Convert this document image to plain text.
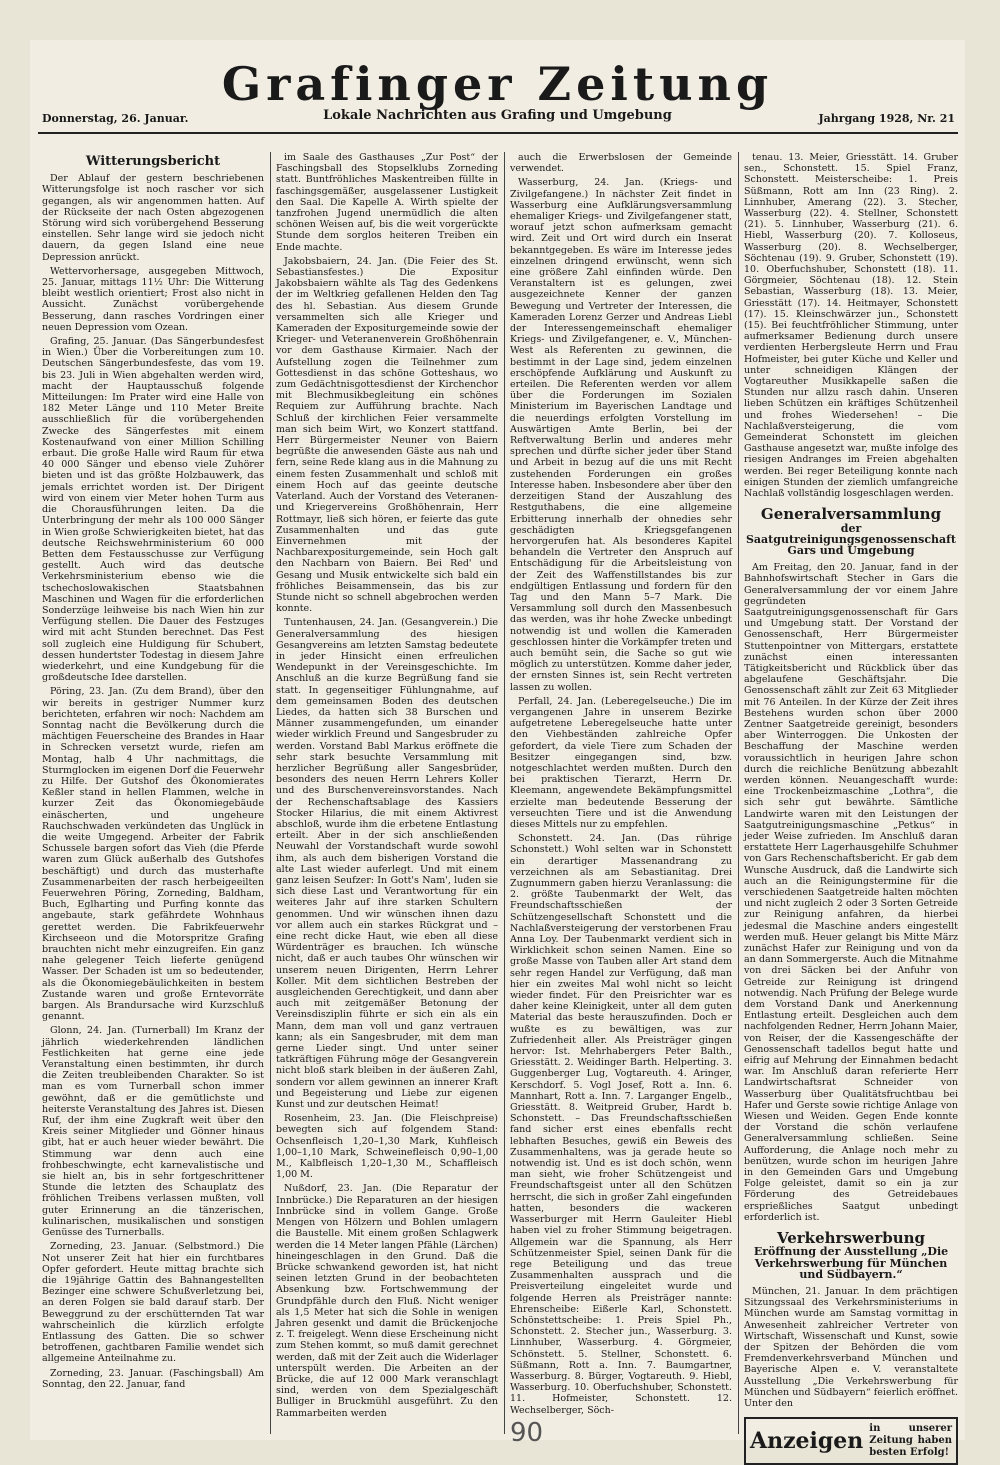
Grafinger Zeitung
Donnerstag, 26. Januar.	Lokale Nachrichten aus Grafing und Umgebung	Jahrgang 1928, Nr. 21
Witterungsbericht

Der Ablauf der gestern beschriebenen Witterungsfolge ist noch rascher vor sich gegangen, als wir angenommen hatten. Auf der Rückseite der nach Osten abgezogenen Störung wird sich vorübergehend Besserung einstellen. Sehr lange wird sie jedoch nicht dauern, da gegen Island eine neue Depression anrückt.

Wettervorhersage, ausgegeben Mittwoch, 25. Januar, mittags 11½ Uhr: Die Witterung bleibt westlich orientiert; Frost also nicht in Aussicht. Zunächst vorübergehende Besserung, dann rasches Vordringen einer neuen Depression vom Ozean.

Grafing, 25. Januar. (Das Sängerbundesfest in Wien.) Über die Vorbereitungen zum 10. Deutschen Sängerbundesfeste, das vom 19. bis 23. Juli in Wien abgehalten werden wird, macht der Hauptausschuß folgende Mitteilungen: Im Prater wird eine Halle von 182 Meter Länge und 110 Meter Breite ausschließlich für die vorübergehenden Zwecke des Sängerfestes mit einem Kostenaufwand von einer Million Schilling erbaut. Die große Halle wird Raum für etwa 40 000 Sänger und ebenso viele Zuhörer bieten und ist das größte Holzbauwerk, das jemals errichtet worden ist. Der Dirigent wird von einem vier Meter hohen Turm aus die Chorausführungen leiten. Da die Unterbringung der mehr als 100 000 Sänger in Wien große Schwierigkeiten bietet, hat das deutsche Reichswehrministerium 60 000 Betten dem Festausschusse zur Verfügung gestellt. Auch wird das deutsche Verkehrsministerium ebenso wie die tschechoslowakischen Staatsbahnen Maschinen und Wagen für die erforderlichen Sonderzüge leihweise bis nach Wien hin zur Verfügung stellen. Die Dauer des Festzuges wird mit acht Stunden berechnet. Das Fest soll zugleich eine Huldigung für Schubert, dessen hundertster Todestag in diesem Jahre wiederkehrt, und eine Kundgebung für die großdeutsche Idee darstellen.

Pöring, 23. Jan. (Zu dem Brand), über den wir bereits in gestriger Nummer kurz berichteten, erfahren wir noch: Nachdem am Sonntag nacht die Bevölkerung durch die mächtigen Feuerscheine des Brandes in Haar in Schrecken versetzt wurde, riefen am Montag, halb 4 Uhr nachmittags, die Sturmglocken im eigenen Dorf die Feuerwehr zu Hilfe. Der Gutshof des Ökonomierates Keßler stand in hellen Flammen, welche in kurzer Zeit das Ökonomiegebäude einäscherten, und ungeheure Rauchschwaden verkündeten das Unglück in die weite Umgegend. Arbeiter der Fabrik Schussele bargen sofort das Vieh (die Pferde waren zum Glück außerhalb des Gutshofes beschäftigt) und durch das musterhafte Zusammenarbeiten der rasch herbeigeeilten Feuerwehren Pöring, Zorneding, Baldham, Buch, Eglharting und Purfing konnte das angebaute, stark gefährdete Wohnhaus gerettet werden. Die Fabrikfeuerwehr Kirchseeon und die Motorspritze Grafing brauchten nicht mehr einzugreifen. Ein ganz nahe gelegener Teich lieferte genügend Wasser. Der Schaden ist um so bedeutender, als die Ökonomiegebäulichkeiten in bestem Zustande waren und große Erntevorräte bargen. Als Brandursache wird Kurzschluß genannt.

Glonn, 24. Jan. (Turnerball) Im Kranz der jährlich wiederkehrenden ländlichen Festlichkeiten hat gerne eine jede Veranstaltung einen bestimmten, ihr durch die Zeiten treubleibenden Charakter. So ist man es vom Turnerball schon immer gewöhnt, daß er die gemütlichste und heiterste Veranstaltung des Jahres ist. Diesen Ruf, der ihm eine Zugkraft weit über den Kreis seiner Mitglieder und Gönner hinaus gibt, hat er auch heuer wieder bewährt. Die Stimmung war denn auch eine frohbeschwingte, echt karnevalistische und sie hielt an, bis in sehr fortgeschrittener Stunde die letzten des Schauplatz des fröhlichen Treibens verlassen mußten, voll guter Erinnerung an die tänzerischen, kulinarischen, musikalischen und sonstigen Genüsse des Turnerballs.

Zorneding, 23. Januar. (Selbstmord.) Die Not unserer Zeit hat hier ein furchtbares Opfer gefordert. Heute mittag brachte sich die 19jährige Gattin des Bahnangestellten Bezinger eine schwere Schußverletzung bei, an deren Folgen sie bald darauf starb. Der Beweggrund zu der erschütternden Tat war wahrscheinlich die kürzlich erfolgte Entlassung des Gatten. Die so schwer betroffenen, gachtbaren Familie wendet sich allgemeine Anteilnahme zu.

Zorneding, 23. Januar. (Faschingsball) Am Sonntag, den 22. Januar, fand

im Saale des Gasthauses „Zur Post“ der Faschingsball des Stopselklubs Zorneding statt. Buntfröhliches Maskentreiben füllte in faschingsgemäßer, ausgelassener Lustigkeit den Saal. Die Kapelle A. Wirth spielte der tanzfrohen Jugend unermüdlich die alten schönen Weisen auf, bis die weit vorgerückte Stunde dem sorglos heiteren Treiben ein Ende machte.

Jakobsbaiern, 24. Jan. (Die Feier des St. Sebastiansfestes.) Die Expositur Jakobsbaiern wählte als Tag des Gedenkens der im Weltkrieg gefallenen Helden den Tag des hl. Sebastian. Aus diesem Grunde versammelten sich alle Krieger und Kameraden der Expositurgemeinde sowie der Krieger- und Veteranenverein Großhöhenrain vor dem Gasthause Kirmaier. Nach der Aufstellung zogen die Teilnehmer zum Gottesdienst in das schöne Gotteshaus, wo zum Gedächtnisgottesdienst der Kirchenchor mit Blechmusikbegleitung ein schönes Requiem zur Aufführung brachte. Nach Schluß der kirchlichen Feier versammelte man sich beim Wirt, wo Konzert stattfand. Herr Bürgermeister Neuner von Baiern begrüßte die anwesenden Gäste aus nah und fern, seine Rede klang aus in die Mahnung zu einem festen Zusammenhalt und schloß mit einem Hoch auf das geeinte deutsche Vaterland. Auch der Vorstand des Veteranen- und Kriegervereins Großhöhenrain, Herr Rottmayr, ließ sich hören, er feierte das gute Zusammenhalten und das gute Einvernehmen mit der Nachbarexpositurgemeinde, sein Hoch galt den Nachbarn von Baiern. Bei Red' und Gesang und Musik entwickelte sich bald ein fröhliches Beisammensein, das bis zur Stunde nicht so schnell abgebrochen werden konnte.

Tuntenhausen, 24. Jan. (Gesangverein.) Die Generalversammlung des hiesigen Gesangvereins am letzten Samstag bedeutete in jeder Hinsicht einen erfreulichen Wendepunkt in der Vereinsgeschichte. Im Anschluß an die kurze Begrüßung fand sie statt. In gegenseitiger Fühlungnahme, auf dem gemeinsamen Boden des deutschen Liedes, da hatten sich 38 Burschen und Männer zusammengefunden, um einander wieder wirklich Freund und Sangesbruder zu werden. Vorstand Babl Markus eröffnete die sehr stark besuchte Versammlung mit herzlicher Begrüßung aller Sangesbrüder, besonders des neuen Herrn Lehrers Koller und des Burschenvereinsvorstandes. Nach der Rechenschaftsablage des Kassiers Stocker Hilarius, die mit einem Aktivrest abschloß, wurde ihm die erbetene Entlastung erteilt. Aber in der sich anschließenden Neuwahl der Vorstandschaft wurde sowohl ihm, als auch dem bisherigen Vorstand die alte Last wieder auferlegt. Und mit einem ganz leisen Seufzer: In Gott's Nam', luden sie sich diese Last und Verantwortung für ein weiteres Jahr auf ihre starken Schultern genommen. Und wir wünschen ihnen dazu vor allem auch ein starkes Rückgrat und – eine recht dicke Haut, wie eben all diese Würdenträger es brauchen. Ich wünsche nicht, daß er auch taubes Ohr wünschen wir unserem neuen Dirigenten, Herrn Lehrer Koller. Mit dem sichtlichen Bestreben der ausgleichenden Gerechtigkeit, und dann aber auch mit zeitgemäßer Betonung der Vereinsdisziplin führte er sich ein als ein Mann, dem man voll und ganz vertrauen kann; als ein Sangesbruder, mit dem man gerne Lieder singt. Und unter seiner tatkräftigen Führung möge der Gesangverein nicht bloß stark bleiben in der äußeren Zahl, sondern vor allem gewinnen an innerer Kraft und Begeisterung und Liebe zur eigenen Kunst und zur deutschen Heimat!

Rosenheim, 23. Jan. (Die Fleischpreise) bewegten sich auf folgendem Stand: Ochsenfleisch 1,20–1,30 Mark, Kuhfleisch 1,00–1,10 Mark, Schweinefleisch 0,90–1,00 M., Kalbfleisch 1,20–1,30 M., Schaffleisch 1,00 M.

Nußdorf, 23. Jan. (Die Reparatur der Innbrücke.) Die Reparaturen an der hiesigen Innbrücke sind in vollem Gange. Große Mengen von Hölzern und Bohlen umlagern die Baustelle. Mit einem großen Schlagwerk werden die 14 Meter langen Pfähle (Lärchen) hineingeschlagen in den Grund. Daß die Brücke schwankend geworden ist, hat nicht seinen letzten Grund in der beobachteten Absenkung bzw. Fortschwemmung der Grundpfähle durch den Fluß. Nicht weniger als 1,5 Meter hat sich die Sohle in wenigen Jahren gesenkt und damit die Brückenjoche z. T. freigelegt. Wenn diese Erscheinung nicht zum Stehen kommt, so muß damit gerechnet werden, daß mit der Zeit auch die Widerlager unterspült werden. Die Arbeiten an der Brücke, die auf 12 000 Mark veranschlagt sind, werden von dem Spezialgeschäft Bulliger in Bruckmühl ausgeführt. Zu den Rammarbeiten werden

auch die Erwerbslosen der Gemeinde verwendet.

Wasserburg, 24. Jan. (Kriegs- und Zivilgefangene.) In nächster Zeit findet in Wasserburg eine Aufklärungsversammlung ehemaliger Kriegs- und Zivilgefangener statt, worauf jetzt schon aufmerksam gemacht wird. Zeit und Ort wird durch ein Inserat bekanntgegeben. Es wäre im Interesse jedes einzelnen dringend erwünscht, wenn sich eine größere Zahl einfinden würde. Den Veranstaltern ist es gelungen, zwei ausgezeichnete Kenner der ganzen Bewegung und Vertreter der Interessen, die Kameraden Lorenz Gerzer und Andreas Liebl der Interessengemeinschaft ehemaliger Kriegs- und Zivilgefangener, e. V., München-West als Referenten zu gewinnen, die bestimmt in der Lage sind, jedem einzelnen erschöpfende Aufklärung und Auskunft zu erteilen. Die Referenten werden vor allem über die Forderungen im Sozialen Ministerium im Bayerischen Landtage und die neuerdings erfolgten Vorstellung im Auswärtigen Amte Berlin, bei der Reftverwaltung Berlin und anderes mehr sprechen und dürfte sicher jeder über Stand und Arbeit in bezug auf die uns mit Recht zustehenden Forderungen ein großes Interesse haben. Insbesondere aber über den derzeitigen Stand der Auszahlung des Restguthabens, die eine allgemeine Erbitterung innerhalb der ohnedies sehr geschädigten Kriegsgefangenen hervorgerufen hat. Als besonderes Kapitel behandeln die Vertreter den Anspruch auf Entschädigung für die Arbeitsleistung von der Zeit des Waffenstillstandes bis zur endgültigen Entlassung und fordern für den Tag und den Mann 5–7 Mark. Die Versammlung soll durch den Massenbesuch das werden, was ihr hohe Zwecke unbedingt notwendig ist und wollen die Kameraden geschlossen hinter die Vorkämpfer treten und auch bemüht sein, die Sache so gut wie möglich zu unterstützen. Komme daher jeder, der ernsten Sinnes ist, sein Recht vertreten lassen zu wollen.

Perfall, 24. Jan. (Leberegelseuche.) Die im vergangenen Jahre in unserem Bezirke aufgetretene Leberegelseuche hatte unter den Viehbeständen zahlreiche Opfer gefordert, da viele Tiere zum Schaden der Besitzer eingegangen sind, bzw. notgeschlachtet werden mußten. Durch den bei praktischen Tierarzt, Herrn Dr. Kleemann, angewendete Bekämpfungsmittel erzielte man bedeutende Besserung der verseuchten Tiere und ist die Anwendung dieses Mittels nur zu empfehlen.

Schonstett. 24. Jan. (Das rührige Schonstett.) Wohl selten war in Schonstett ein derartiger Massenandrang zu verzeichnen als am Sebastianitag. Drei Zugnummern gaben hierzu Veranlassung: die 2. größte Taubenmarkt der Welt, das Freundschaftsschießen der Schützengesellschaft Schonstett und die Nachlaßversteigerung der verstorbenen Frau Anna Loy. Der Taubenmarkt verdient sich in Wirklichkeit schon seinen Namen. Eine so große Masse von Tauben aller Art stand dem sehr regen Handel zur Verfügung, daß man hier ein zweites Mal wohl nicht so leicht wieder findet. Für den Preisrichter war es daher keine Kleinigkeit, unter all dem guten Material das beste herauszufinden. Doch er wußte es zu bewältigen, was zur Zufriedenheit aller. Als Preisträger gingen hervor: Ist. Mehrhabergers Peter Balth., Griesstätt. 2. Weidinger Barth. Helperting. 3. Guggenberger Lug, Vogtareuth. 4. Aringer, Kerschdorf. 5. Vogl Josef, Rott a. Inn. 6. Mannhart, Rott a. Inn. 7. Larganger Engelb., Griesstätt. 8. Weitpreid Gruber, Hardt b. Schonstett. – Das Freundschaftsschießen fand sicher erst eines ebenfalls recht lebhaften Besuches, gewiß ein Beweis des Zusammenhaltens, was ja gerade heute so notwendig ist. Und es ist doch schön, wenn man sieht, wie froher Schützengeist und Freundschaftsgeist unter all den Schützen herrscht, die sich in großer Zahl eingefunden hatten, besonders die wackeren Wasserburger mit Herrn Gauleiter Hiebl haben viel zu froher Stimmung beigetragen. Allgemein war die Spannung, als Herr Schützenmeister Spiel, seinen Dank für die rege Beteiligung und das treue Zusammenhalten aussprach und die Preisverteilung eingeleitet wurde und folgende Herren als Preisträger nannte: Ehrenscheibe: Eißerle Karl, Schonstett. Schönstettscheibe: 1. Preis Spiel Ph., Schonstett. 2. Stecher jun., Wasserburg. 3. Linnhuber, Wasserburg. 4. Görgmeier, Schönstett. 5. Stellner, Schonstett. 6. Süßmann, Rott a. Inn. 7. Baumgartner, Wasserburg. 8. Bürger, Vogtareuth. 9. Hiebl, Wasserburg. 10. Oberfuchshuber, Schonstett. 11. Hofmeister, Schonstett. 12. Wechselberger, Söch-

tenau. 13. Meier, Griesstätt. 14. Gruber sen., Schonstett. 15. Spiel Franz, Schonstett. Meisterscheibe: 1. Preis Süßmann, Rott am Inn (23 Ring). 2. Linnhuber, Amerang (22). 3. Stecher, Wasserburg (22). 4. Stellner, Schonstett (21). 5. Linnhuber, Wasserburg (21). 6. Hiebl, Wasserburg (20). 7. Kolloseus, Wasserburg (20). 8. Wechselberger, Söchtenau (19). 9. Gruber, Schonstett (19). 10. Oberfuchshuber, Schonstett (18). 11. Görgmeier, Söchtenau (18). 12. Stein Sebastian, Wasserburg (18). 13. Meier, Griesstätt (17). 14. Heitmayer, Schonstett (17). 15. Kleinschwärzer jun., Schonstett (15). Bei feuchtfröhlicher Stimmung, unter aufmerksamer Bedienung durch unsere verdienten Herbergsleute Herrn und Frau Hofmeister, bei guter Küche und Keller und unter schneidigen Klängen der Vogtareuther Musikkapelle saßen die Stunden nur allzu rasch dahin. Unseren lieben Schützen ein kräftiges Schützenheil und frohes Wiedersehen! – Die Nachlaßversteigerung, die vom Gemeinderat Schonstett im gleichen Gasthause angesetzt war, mußte infolge des riesigen Andranges im Freien abgehalten werden. Bei reger Beteiligung konnte nach einigen Stunden der ziemlich umfangreiche Nachlaß vollständig losgeschlagen werden.

Generalversammlung
der Saatgutreinigungsgenossenschaft Gars und Umgebung

Am Freitag, den 20. Januar, fand in der Bahnhofswirtschaft Stecher in Gars die Generalversammlung der vor einem Jahre gegründeten Saatgutreinigungsgenossenschaft für Gars und Umgebung statt. Der Vorstand der Genossenschaft, Herr Bürgermeister Stuttenpointner von Mittergars, erstattete zunächst einen interessanten Tätigkeitsbericht und Rückblick über das abgelaufene Geschäftsjahr. Die Genossenschaft zählt zur Zeit 63 Mitglieder mit 76 Anteilen. In der Kürze der Zeit ihres Bestehens wurden schon über 2000 Zentner Saatgetreide gereinigt, besonders aber Winterroggen. Die Unkosten der Beschaffung der Maschine werden voraussichtlich in heurigen Jahre schon durch die reichliche Benützung abbezahlt werden können. Neuangeschafft wurde: eine Trockenbeizmaschine „Lothra“, die sich sehr gut bewährte. Sämtliche Landwirte waren mit den Leistungen der Saatgutreinigungsmaschine „Petkus“ in jeder Weise zufrieden. Im Anschluß daran erstattete Herr Lagerhausgehilfe Schuhmer von Gars Rechenschaftsbericht. Er gab dem Wunsche Ausdruck, daß die Landwirte sich auch an die Reinigungstermine für die verschiedenen Saatgetreide halten möchten und nicht zugleich 2 oder 3 Sorten Getreide zur Reinigung anfahren, da hierbei jedesmal die Maschine anders eingestellt werden muß. Heuer gelangt bis Mitte März zunächst Hafer zur Reinigung und von da an dann Sommergerste. Auch die Mitnahme von drei Säcken bei der Anfuhr von Getreide zur Reinigung ist dringend notwendig. Nach Prüfung der Belege wurde dem Vorstand Dank und Anerkennung Entlastung erteilt. Desgleichen auch dem nachfolgenden Redner, Herrn Johann Maier, von Reiser, der die Kassengeschäfte der Genossenschaft tadellos begut hatte und eifrig auf Mehrung der Einnahmen bedacht war. Im Anschluß daran referierte Herr Landwirtschaftsrat Schneider von Wasserburg über Qualitätsfruchtbau bei Hafer und Gerste sowie richtige Anlage von Wiesen und Weiden. Gegen Ende konnte der Vorstand die schön verlaufene Generalversammlung schließen. Seine Aufforderung, die Anlage noch mehr zu benützen, wurde schon im heurigen Jahre in den Gemeinden Gars und Umgebung Folge geleistet, damit so ein ja zur Förderung des Getreidebaues ersprießliches Saatgut unbedingt erforderlich ist.

Verkehrswerbung
Eröffnung der Ausstellung „Die Verkehrswerbung für München und Südbayern.“

München, 21. Januar. In dem prächtigen Sitzungssaal des Verkehrsministeriums in München wurde am Samstag vormittag in Anwesenheit zahlreicher Vertreter von Wirtschaft, Wissenschaft und Kunst, sowie der Spitzen der Behörden die vom Fremdenverkehrsverband München und Bayerische Alpen e. V. veranstaltete Ausstellung „Die Verkehrswerbung für München und Südbayern“ feierlich eröffnet. Unter den

Anzeigen in unserer Zeitung haben besten Erfolg!
90
